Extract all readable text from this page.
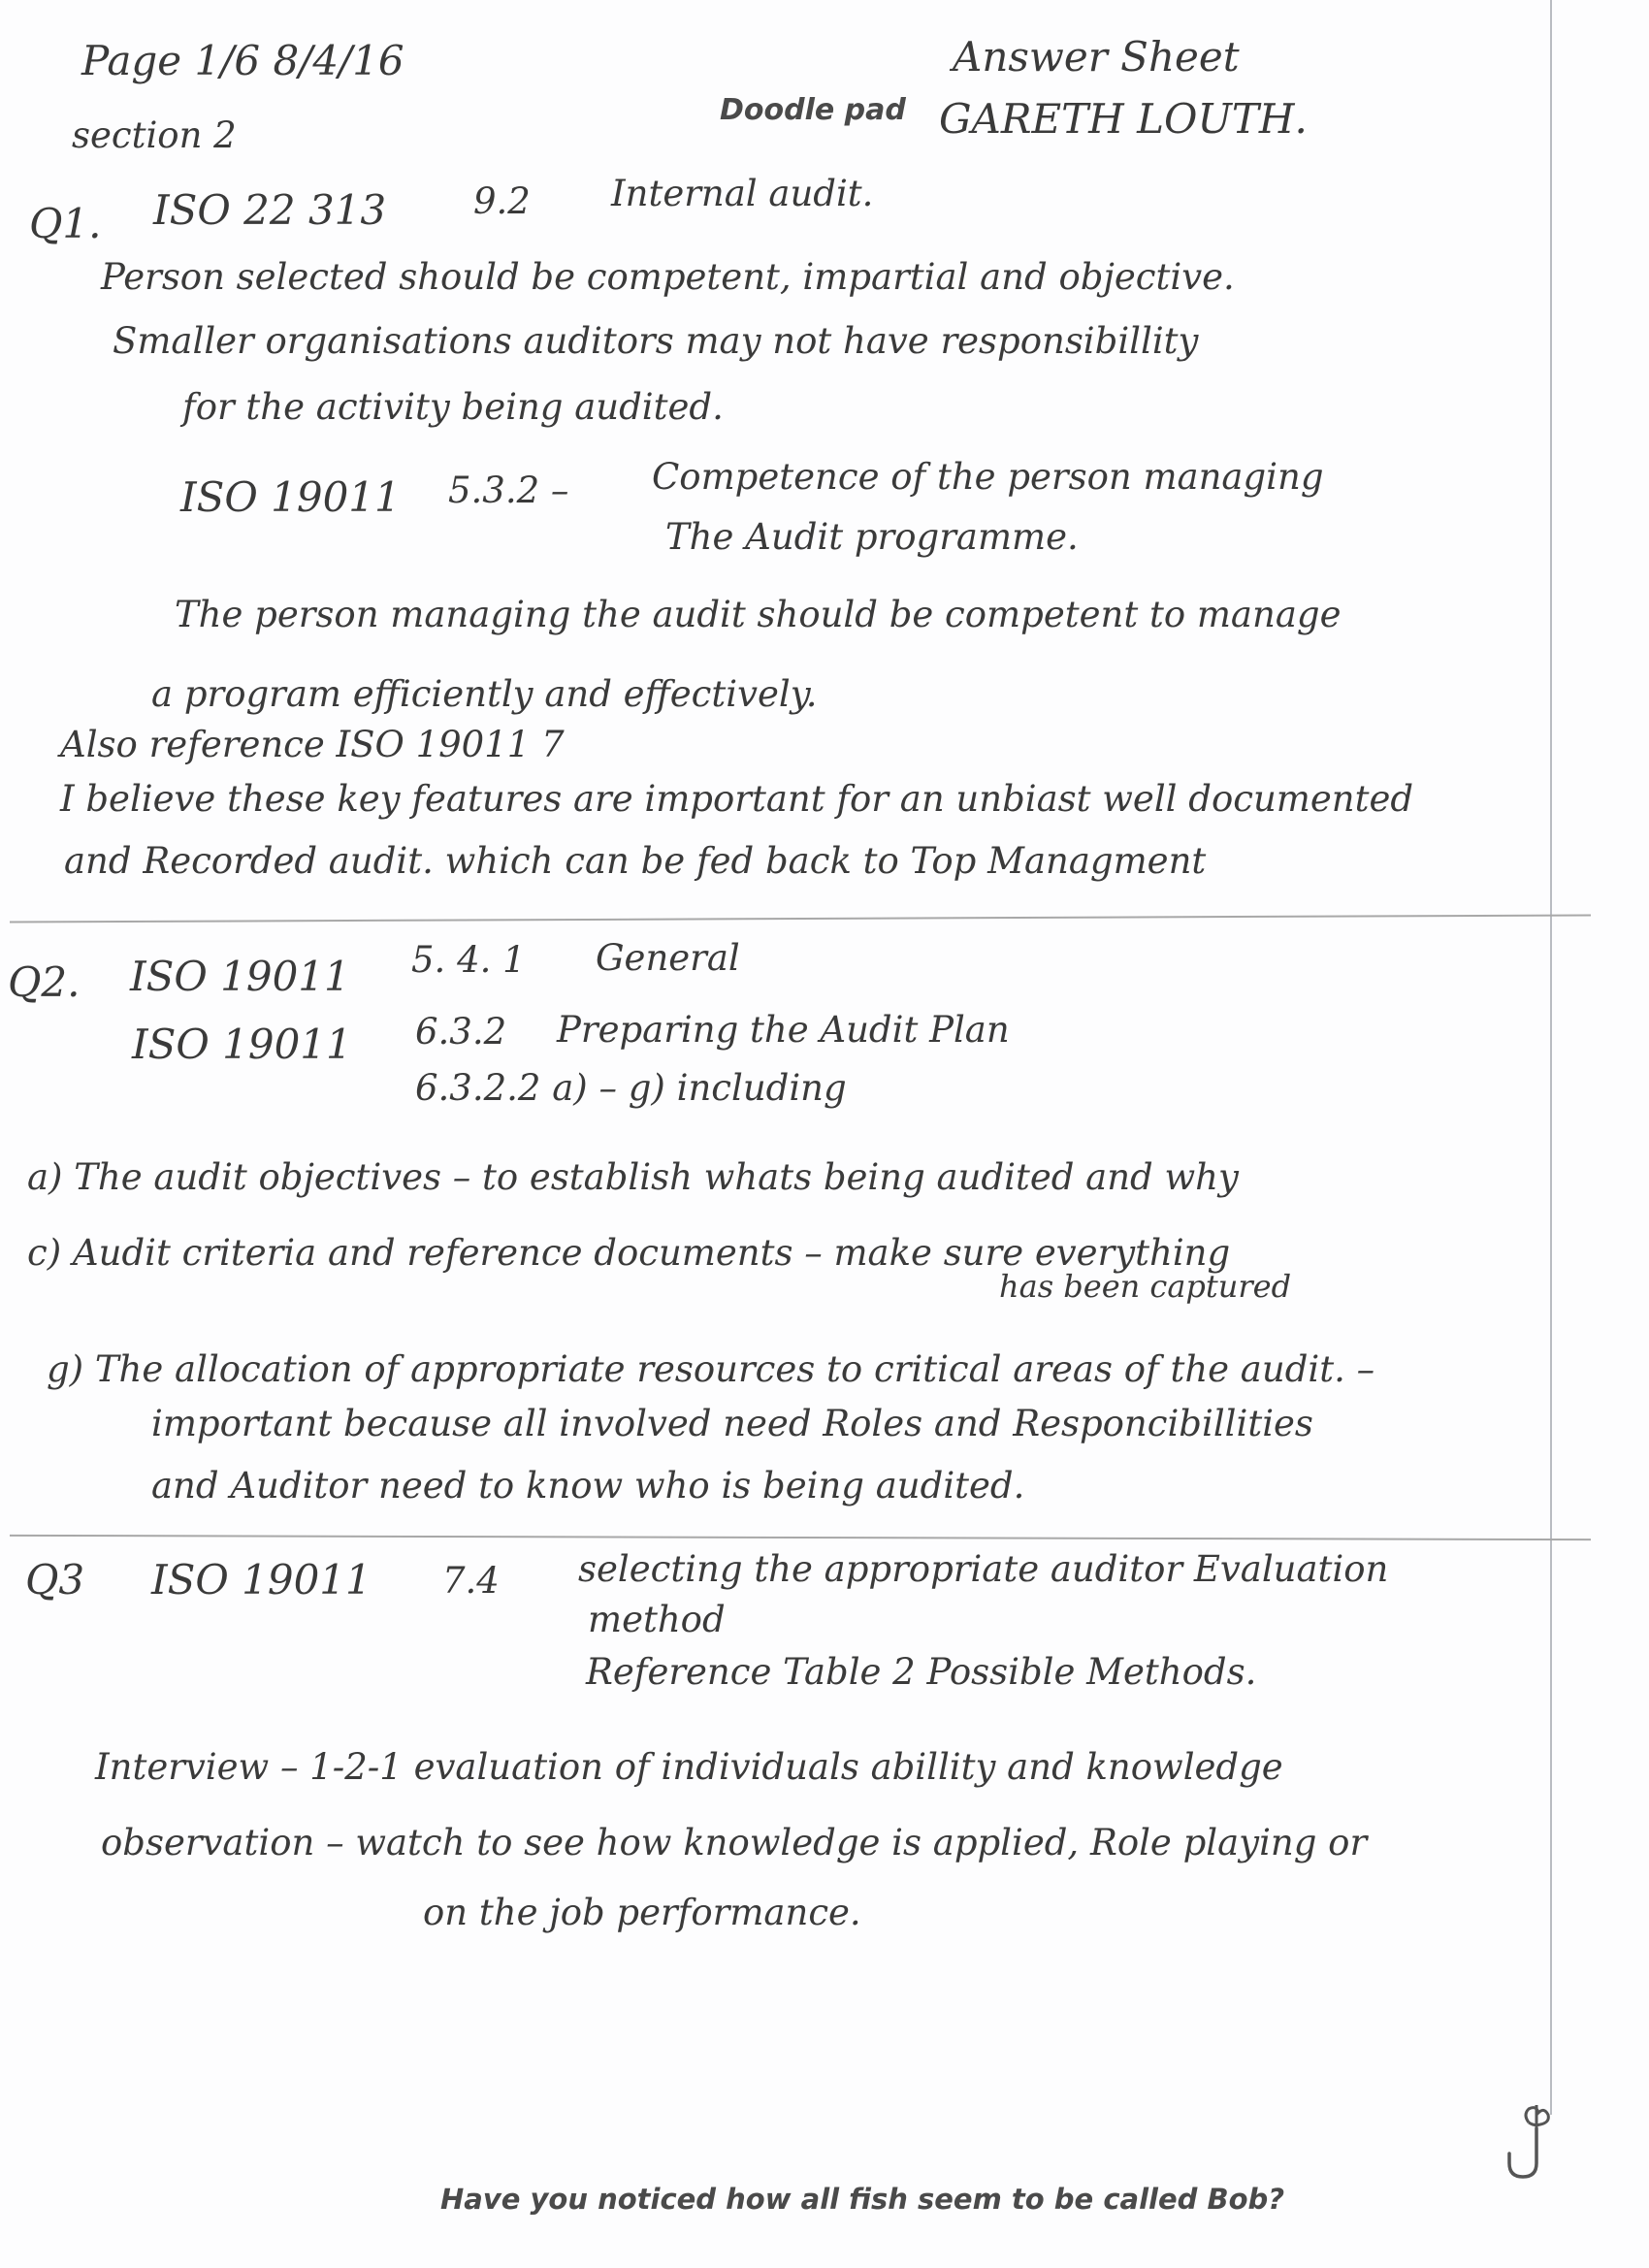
Page 1/6 8/4/16

section 2

Doodle pad

Answer Sheet

GARETH LOUTH.

Q1. ISO 22 313 9.2 Internal audit.

Person selected should be competent, impartial and objective.

Smaller organisations auditors may not have responsibillity

for the activity being audited.

ISO 19011 5.3.2 – Competence of the person managing

The Audit programme.

The person managing the audit should be competent to manage

a program efficiently and effectively.

Also reference ISO 19011 7

I believe these key features are important for an unbiast well documented

and Recorded audit. which can be fed back to Top Managment

Q2. ISO 19011 5. 4. 1 General

ISO 19011 6.3.2 Preparing the Audit Plan

6.3.2.2 a) – g) including

a) The audit objectives – to establish whats being audited and why

c) Audit criteria and reference documents – make sure everything

has been captured

g) The allocation of appropriate resources to critical areas of the audit. –

important because all involved need Roles and Responcibillities

and Auditor need to know who is being audited.

Q3 ISO 19011 7.4 selecting the appropriate auditor Evaluation

method

Reference Table 2 Possible Methods.

Interview – 1-2-1 evaluation of individuals abillity and knowledge

observation – watch to see how knowledge is applied, Role playing or

on the job performance.

Have you noticed how all fish seem to be called Bob?
